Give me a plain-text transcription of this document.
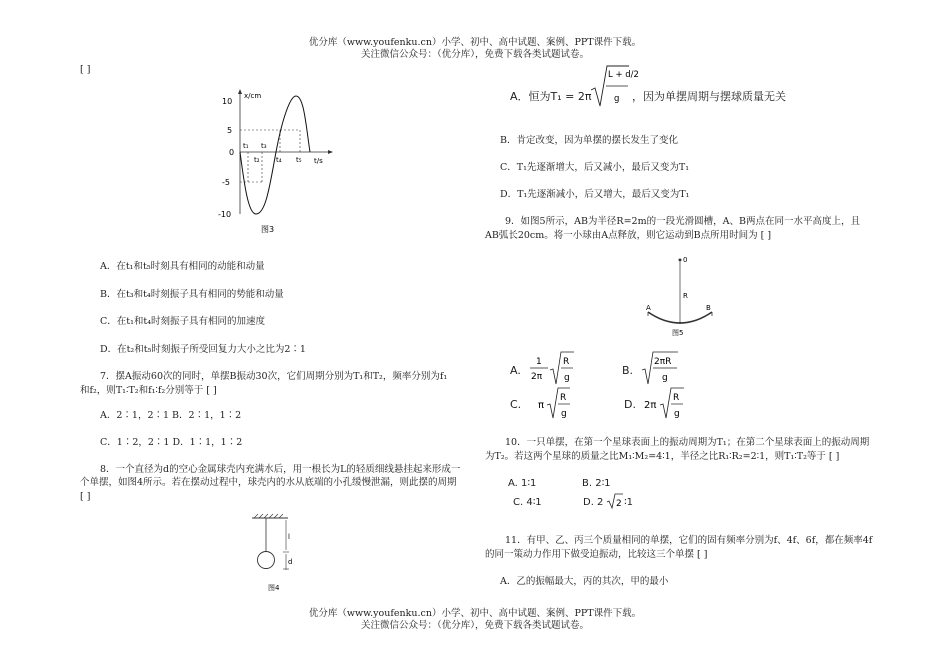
优分库（www.youfenku.cn）小学、初中、高中试题、案例、PPT课件下载。
关注微信公众号：（优分库），免费下载各类试题试卷。
[ ]
10
5
0
-5
-10
x/cm
t/s
t₁
t₂
t₃
t₄ t₅
图3
A．在t₁和t₅时刻具有相同的动能和动量
B．在t₃和t₄时刻振子具有相同的势能和动量
C．在t₁和t₄时刻振子具有相同的加速度
D．在t₂和t₅时刻振子所受回复力大小之比为2∶1
7．摆A振动60次的同时，单摆B振动30次，它们周期分别为T₁和T₂，频率分别为f₁
和f₂，则T₁∶T₂和f₁∶f₂分别等于 [ ]
A．2∶1，2∶1 B．2∶1，1∶2
C．1∶2，2∶1 D．1∶1，1∶2
8．一个直径为d的空心金属球壳内充满水后，用一根长为L的轻质细线悬挂起来形成一
个单摆，如图4所示。若在摆动过程中，球壳内的水从底端的小孔缓慢泄漏，则此摆的周期
[ ]
l
d
图4
A．恒为T₁ = 2π
L + d/2
g ，因为单摆周期与摆球质量无关
B．肯定改变，因为单摆的摆长发生了变化
C．T₁先逐渐增大，后又减小，最后又变为T₁
D．T₁先逐渐减小，后又增大，最后又变为T₁
9．如图5所示，AB为半径R=2m的一段光滑圆槽，A、B两点在同一水平高度上，且
AB弧长20cm。将一小球由A点释放，则它运动到B点所用时间为 [ ]
0
R
A	B
图5
A.
1
2π
R
g
B.
2πR
g
C. π
R
g
D. 2π
R
g
10．一只单摆，在第一个星球表面上的振动周期为T₁；在第二个星球表面上的振动周期
为T₂。若这两个星球的质量之比M₁∶M₂=4∶1，半径之比R₁∶R₂=2∶1，则T₁∶T₂等于 [ ]
A. 1∶1	B. 2∶1
C. 4∶1	D. 2 2 ∶1
11．有甲、乙、丙三个质量相同的单摆，它们的固有频率分别为f、4f、6f，都在频率4f
的同一策动力作用下做受迫振动，比较这三个单摆 [ ]
A．乙的振幅最大，丙的其次，甲的最小
优分库（www.youfenku.cn）小学、初中、高中试题、案例、PPT课件下载。
关注微信公众号：（优分库），免费下载各类试题试卷。
